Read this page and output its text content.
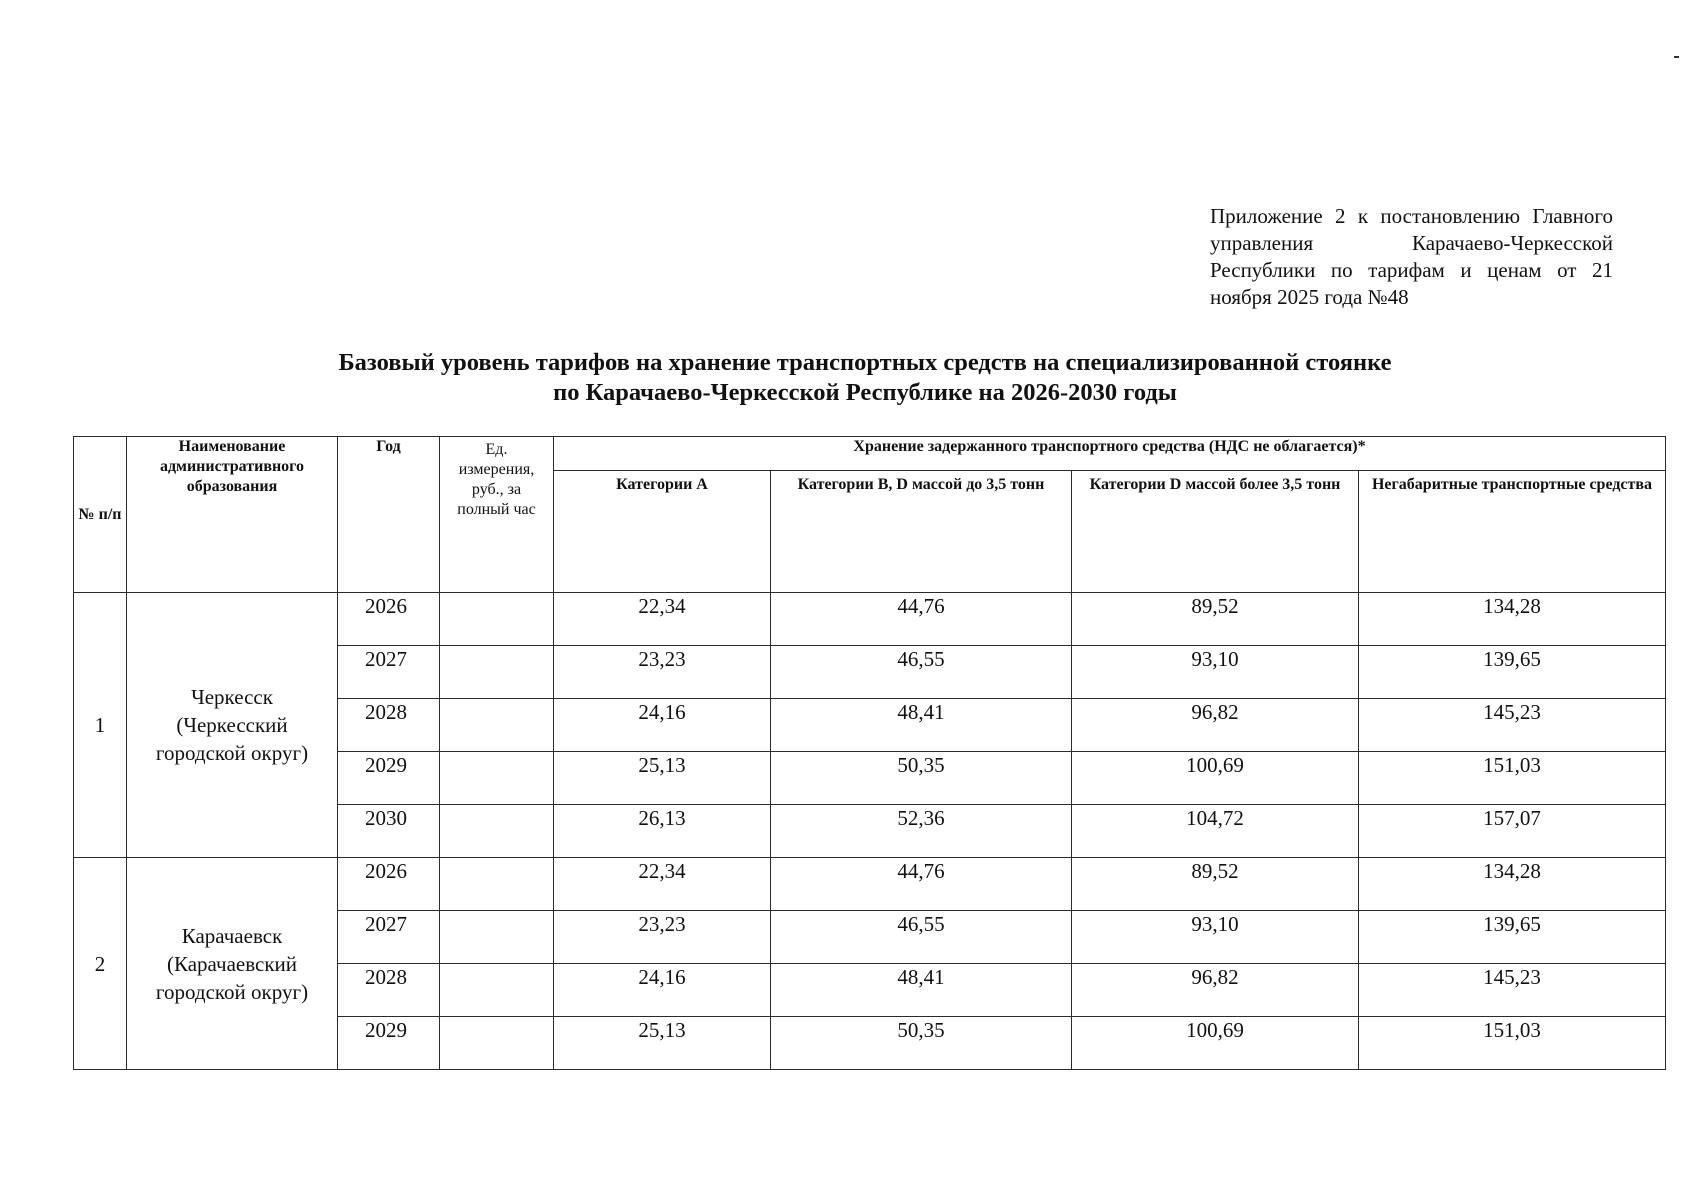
Приложение 2 к постановлению Главного управления Карачаево-Черкесской Республики по тарифам и ценам от 21 ноября 2025 года №48
Базовый уровень тарифов на хранение транспортных средств на специализированной стоянке
по Карачаево-Черкесской Республике на 2026-2030 годы
№ п/п	Наименование административного образования	Год	Ед. измерения, руб., за полный час	Хранение задержанного транспортного средства (НДС не облагается)*			
				Категории А	Категории B, D массой до 3,5 тонн	Категории D массой более 3,5 тонн	Негабаритные транспортные средства
1	Черкесск (Черкесский городской округ)	2026		22,34	44,76	89,52	134,28
		2027		23,23	46,55	93,10	139,65
		2028		24,16	48,41	96,82	145,23
		2029		25,13	50,35	100,69	151,03
		2030		26,13	52,36	104,72	157,07
2	Карачаевск (Карачаевский городской округ)	2026		22,34	44,76	89,52	134,28
		2027		23,23	46,55	93,10	139,65
		2028		24,16	48,41	96,82	145,23
		2029		25,13	50,35	100,69	151,03
